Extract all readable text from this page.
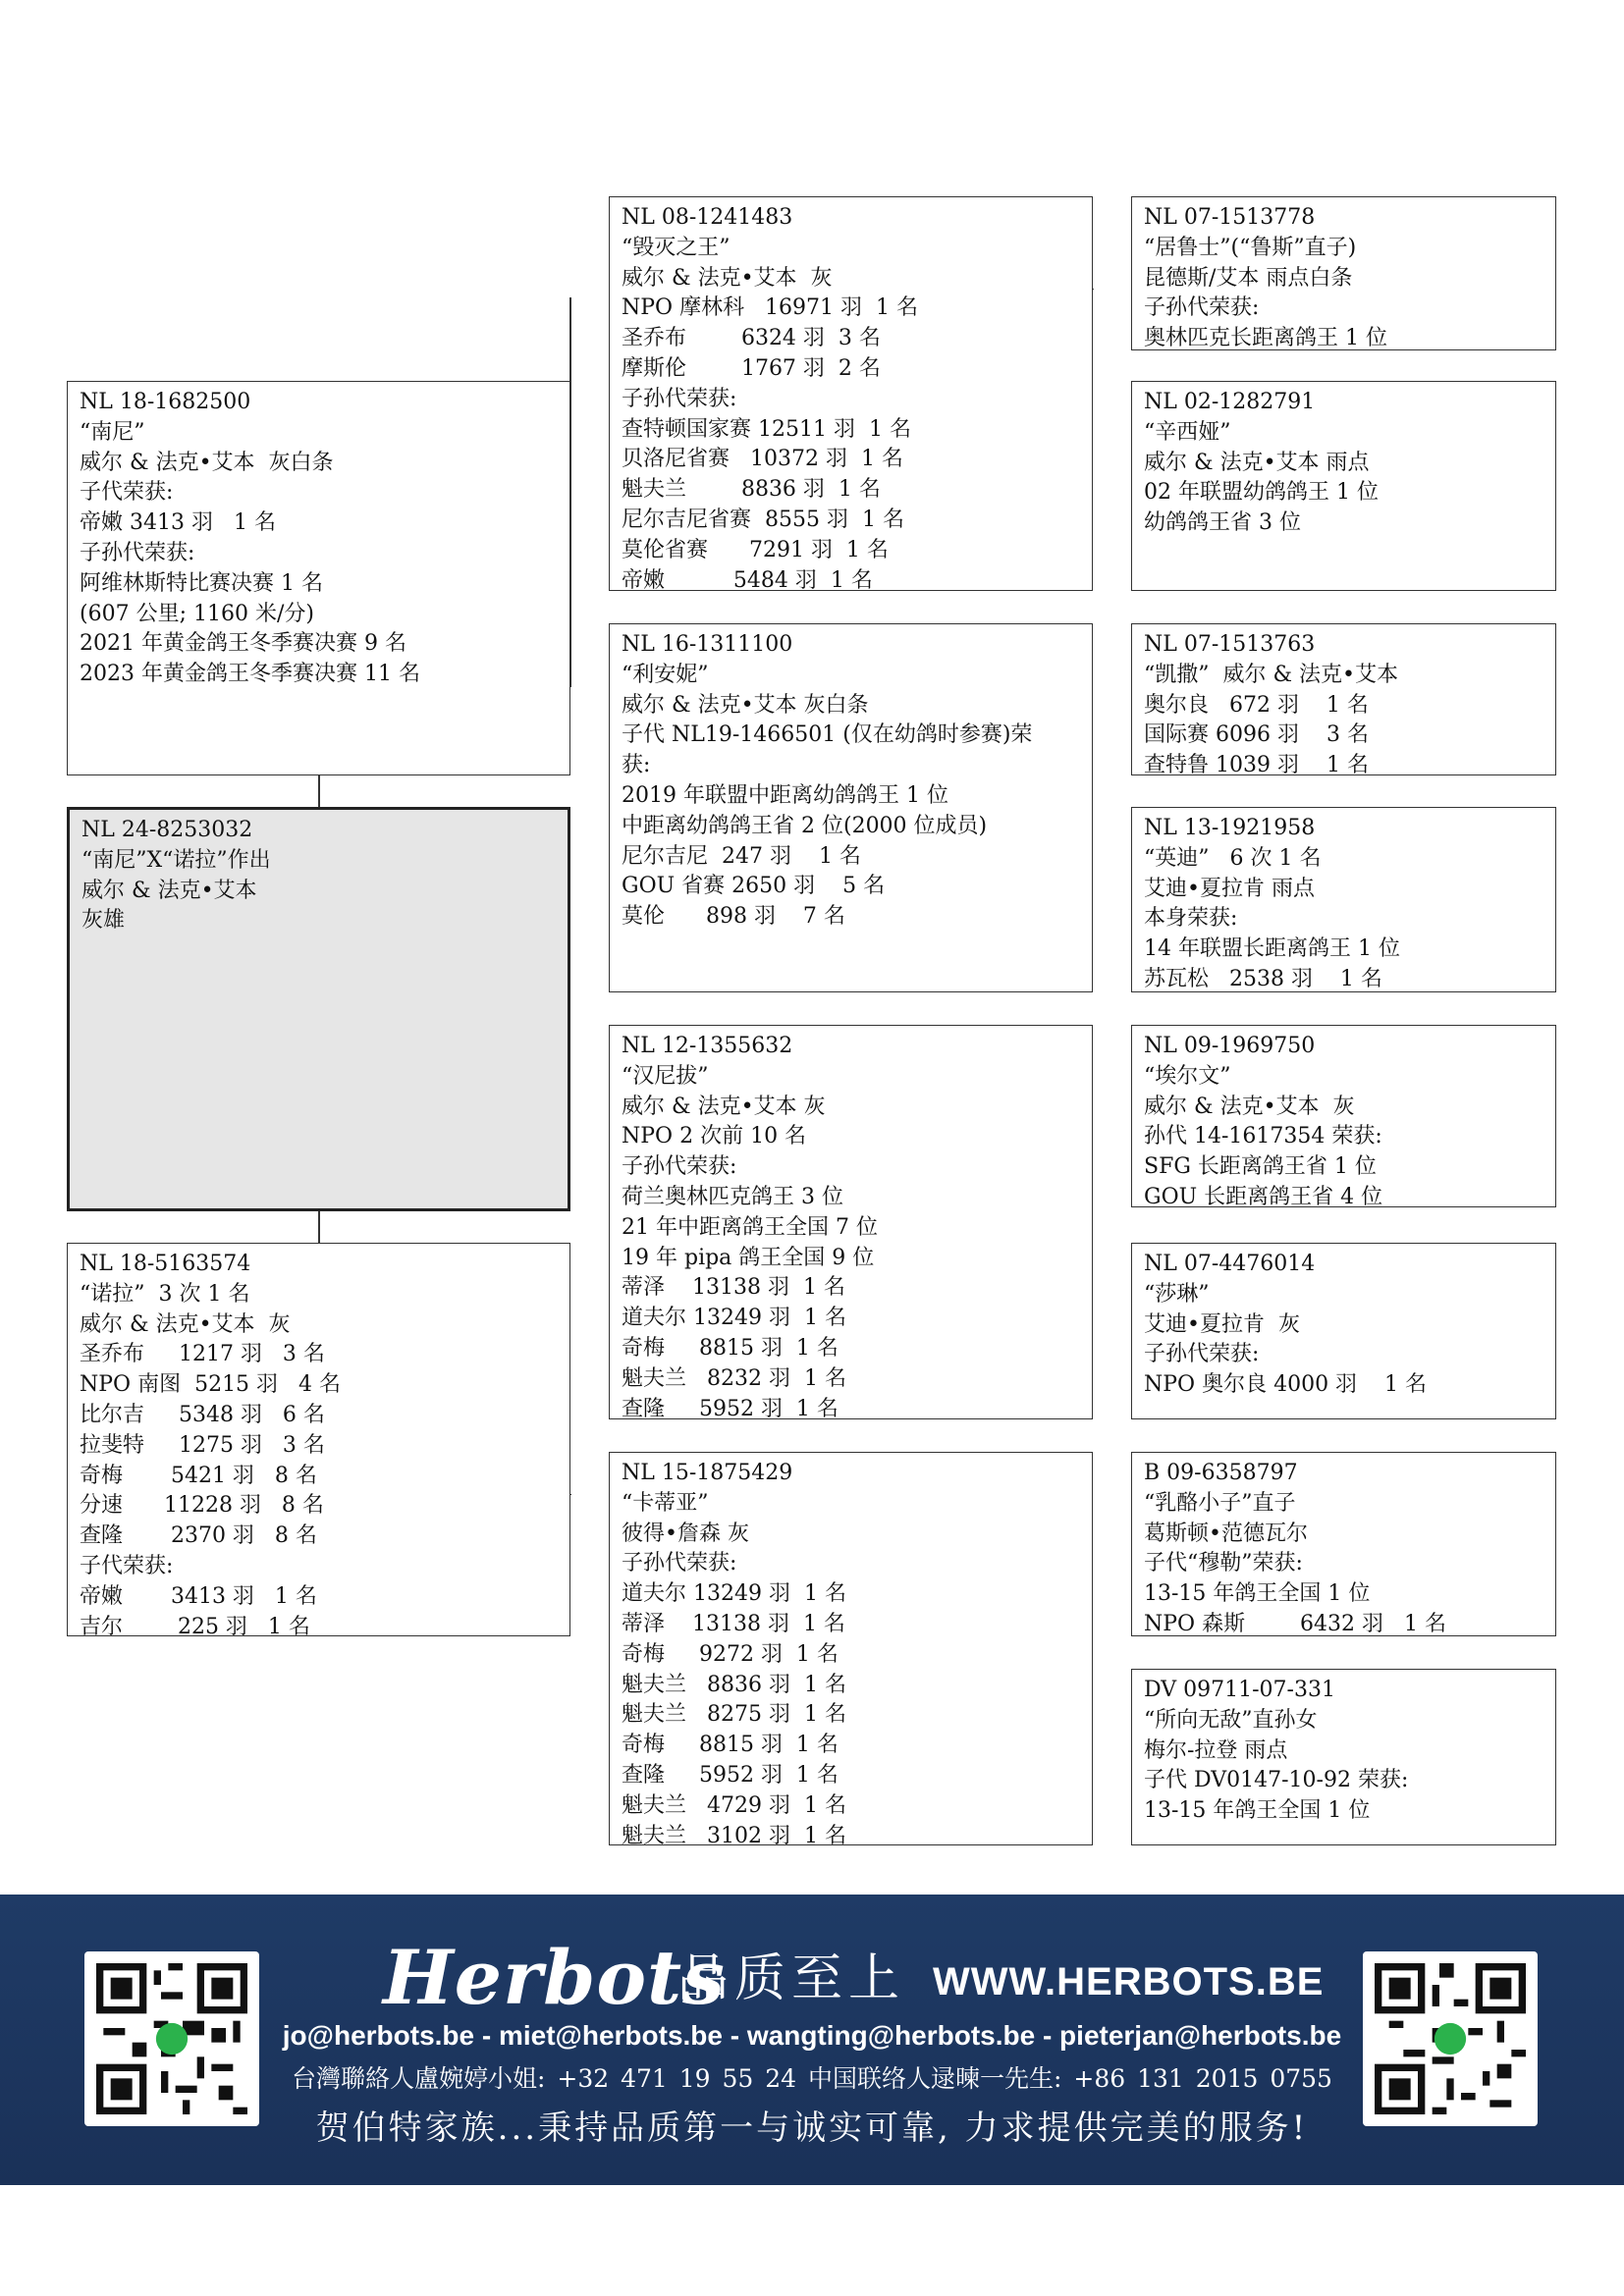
NL 18-1682500
“南尼”
威尔 & 法克•艾本  灰白条
子代荣获:
帝嫩 3413 羽   1 名
子孙代荣获:
阿维林斯特比赛决赛 1 名
(607 公里; 1160 米/分)
2021 年黄金鸽王冬季赛决赛 9 名
2023 年黄金鸽王冬季赛决赛 11 名
NL 24-8253032
“南尼”X“诺拉”作出
威尔 & 法克•艾本
灰雄
NL 18-5163574
“诺拉”  3 次 1 名
威尔 & 法克•艾本  灰
圣乔布     1217 羽   3 名
NPO 南图  5215 羽   4 名
比尔吉     5348 羽   6 名
拉斐特     1275 羽   3 名
奇梅       5421 羽   8 名
分速      11228 羽   8 名
查隆       2370 羽   8 名
子代荣获:
帝嫩       3413 羽   1 名
吉尔        225 羽   1 名
NL 08-1241483
“毁灭之王”
威尔 & 法克•艾本  灰
NPO 摩林科   16971 羽  1 名
圣乔布        6324 羽  3 名
摩斯伦        1767 羽  2 名
子孙代荣获:
查特顿国家赛 12511 羽  1 名
贝洛尼省赛   10372 羽  1 名
魁夫兰        8836 羽  1 名
尼尔吉尼省赛  8555 羽  1 名
莫伦省赛      7291 羽  1 名
帝嫩          5484 羽  1 名
NL 16-1311100
“利安妮”
威尔 & 法克•艾本 灰白条
子代 NL19-1466501 (仅在幼鸽时参赛)荣
获:
2019 年联盟中距离幼鸽鸽王 1 位
中距离幼鸽鸽王省 2 位(2000 位成员)
尼尔吉尼  247 羽    1 名
GOU 省赛 2650 羽    5 名
莫伦      898 羽    7 名
NL 12-1355632
“汉尼拔”
威尔 & 法克•艾本 灰
NPO 2 次前 10 名
子孙代荣获:
荷兰奥林匹克鸽王 3 位
21 年中距离鸽王全国 7 位
19 年 pipa 鸽王全国 9 位
蒂泽    13138 羽  1 名
道夫尔 13249 羽  1 名
奇梅     8815 羽  1 名
魁夫兰   8232 羽  1 名
查隆     5952 羽  1 名
NL 15-1875429
“卡蒂亚”
彼得•詹森 灰
子孙代荣获:
道夫尔 13249 羽  1 名
蒂泽    13138 羽  1 名
奇梅     9272 羽  1 名
魁夫兰   8836 羽  1 名
魁夫兰   8275 羽  1 名
奇梅     8815 羽  1 名
查隆     5952 羽  1 名
魁夫兰   4729 羽  1 名
魁夫兰   3102 羽  1 名
NL 07-1513778
“居鲁士”(“鲁斯”直子)
昆德斯/艾本 雨点白条
子孙代荣获:
奥林匹克长距离鸽王 1 位
NL 02-1282791
“辛西娅”
威尔 & 法克•艾本 雨点
02 年联盟幼鸽鸽王 1 位
幼鸽鸽王省 3 位
NL 07-1513763
“凯撒”  威尔 & 法克•艾本
奥尔良   672 羽    1 名
国际赛 6096 羽    3 名
查特鲁 1039 羽    1 名
NL 13-1921958
“英迪”   6 次 1 名
艾迪•夏拉肯 雨点
本身荣获:
14 年联盟长距离鸽王 1 位
苏瓦松   2538 羽    1 名
NL 09-1969750
“埃尔文”
威尔 & 法克•艾本  灰
孙代 14-1617354 荣获:
SFG 长距离鸽王省 1 位
GOU 长距离鸽王省 4 位
NL 07-4476014
“莎琳”
艾迪•夏拉肯  灰
子孙代荣获:
NPO 奥尔良 4000 羽    1 名
B 09-6358797
“乳酪小子”直子
葛斯顿•范德瓦尔
子代“穆勒”荣获:
13-15 年鸽王全国 1 位
NPO 森斯        6432 羽   1 名
DV 09711-07-331
“所向无敌”直孙女
梅尔-拉登 雨点
子代 DV0147-10-92 荣获:
13-15 年鸽王全国 1 位
Herbots
品质至上 WWW.HERBOTS.BE
jo@herbots.be - miet@herbots.be - wangting@herbots.be - pieterjan@herbots.be
台灣聯絡人盧婉婷小姐: +32 471 19 55 24 中国联络人逯暕一先生: +86 131 2015 0755
贺伯特家族...秉持品质第一与诚实可靠, 力求提供完美的服务!
